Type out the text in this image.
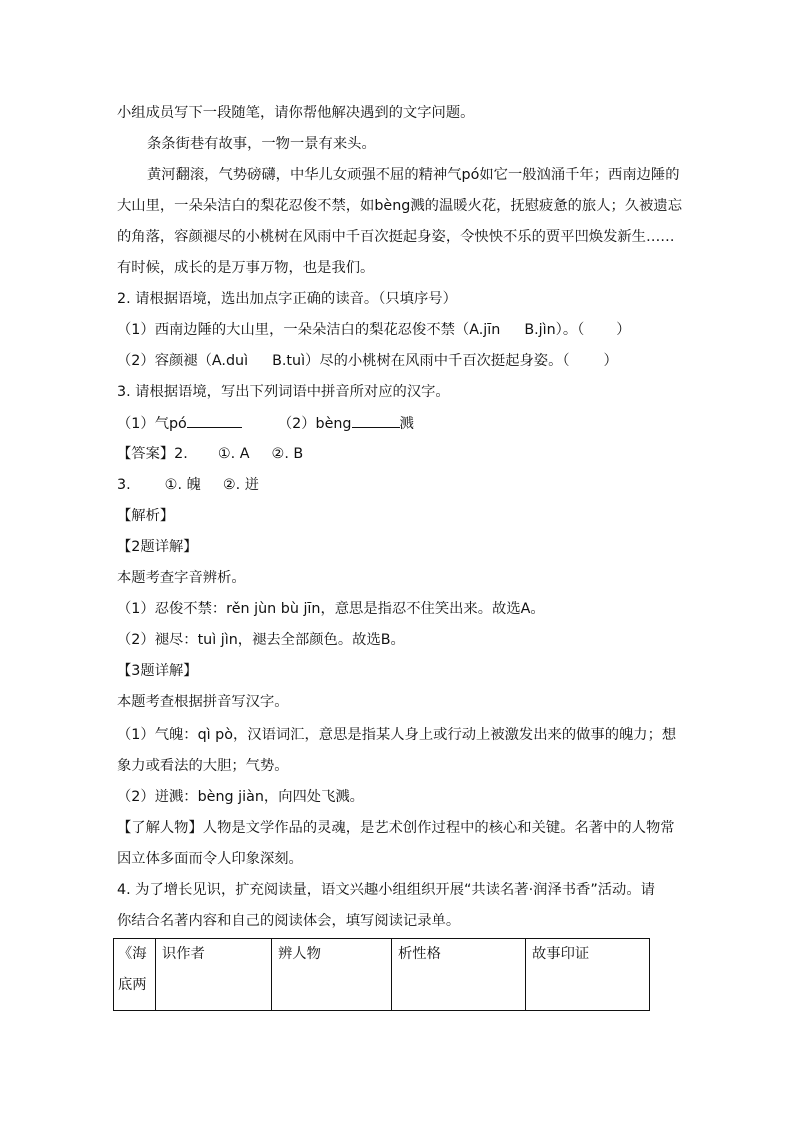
小组成员写下一段随笔，请你帮他解决遇到的文字问题。
条条街巷有故事，一物一景有来头。
黄河翻滚，气势磅礴，中华儿女顽强不屈的精神气pó如它一般汹涌千年；西南边陲的
大山里，一朵朵洁白的梨花忍俊不禁，如bèng溅的温暖火花，抚慰疲惫的旅人；久被遗忘
的角落，容颜褪尽的小桃树在风雨中千百次挺起身姿，令怏怏不乐的贾平凹焕发新生……
有时候，成长的是万事万物，也是我们。
2. 请根据语境，选出加点字正确的读音。（只填序号）
（1）西南边陲的大山里，一朵朵洁白的梨花忍俊不禁（A.jīn B.jìn）。（ ）
（2）容颜褪（A.duì B.tuì）尽的小桃树在风雨中千百次挺起身姿。（ ）
3. 请根据语境，写出下列词语中拼音所对应的汉字。
（1）气pó	（2）bèng	溅
【答案】2. ①. A ②. B
3. ①. 魄 ②. 迸
【解析】
【2题详解】
本题考查字音辨析。
（1）忍俊不禁：rěn jùn bù jīn，意思是指忍不住笑出来。故选A。
（2）褪尽：tuì jìn，褪去全部颜色。故选B。
【3题详解】
本题考查根据拼音写汉字。
（1）气魄：qì pò，汉语词汇，意思是指某人身上或行动上被激发出来的做事的魄力；想
象力或看法的大胆；气势。
（2）迸溅：bèng jiàn，向四处飞溅。
【了解人物】人物是文学作品的灵魂，是艺术创作过程中的核心和关键。名著中的人物常
因立体多面而令人印象深刻。
4. 为了增长见识，扩充阅读量，语文兴趣小组组织开展“共读名著·润泽书香”活动。请
你结合名著内容和自己的阅读体会，填写阅读记录单。
《海底两	识作者	辨人物	析性格	故事印证
